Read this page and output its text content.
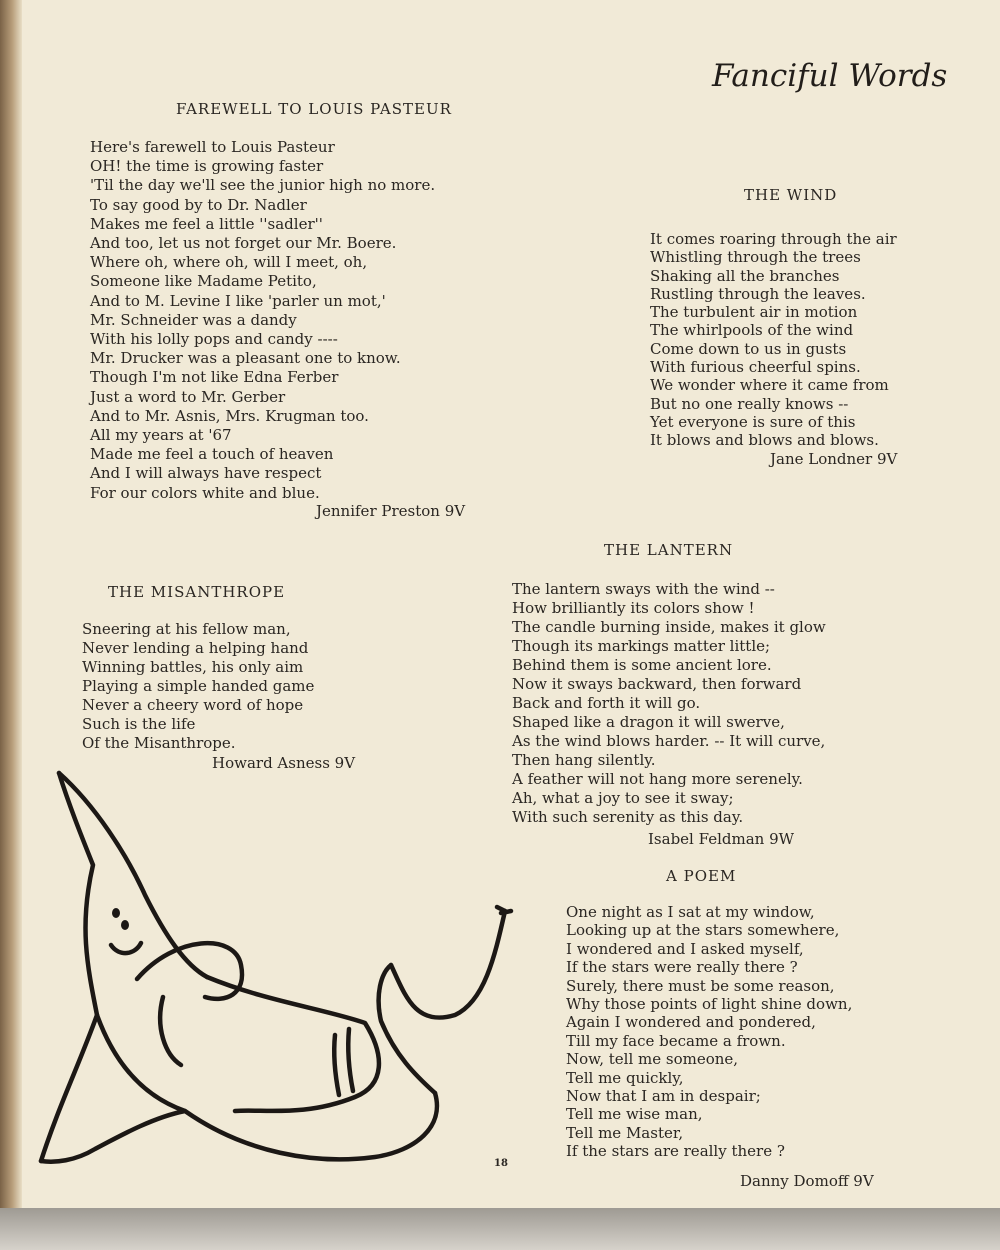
Fanciful Words
FAREWELL TO LOUIS PASTEUR
Here's farewell to Louis Pasteur
OH! the time is growing faster
'Til the day we'll see the junior high no more.
To say good by to Dr. Nadler
Makes me feel a little ''sadler''
And too, let us not forget our Mr. Boere.
Where oh, where oh, will I meet, oh,
Someone like Madame Petito,
And to M. Levine I like 'parler un mot,'
Mr. Schneider was a dandy
With his lolly pops and candy ----
Mr. Drucker was a pleasant one to know.
Though I'm not like Edna Ferber
Just a word to Mr. Gerber
And to Mr. Asnis, Mrs. Krugman too.
All my years at '67
Made me feel a touch of heaven
And I will always have respect
For our colors white and blue.

Jennifer Preston 9V

THE WIND
It comes roaring through the air
Whistling through the trees
Shaking all the branches
Rustling through the leaves.
The turbulent air in motion
The whirlpools of the wind
Come down to us in gusts
With furious cheerful spins.
We wonder where it came from
But no one really knows --
Yet everyone is sure of this
It blows and blows and blows.

Jane Londner 9V

THE LANTERN
The lantern sways with the wind --
How brilliantly its colors show !
The candle burning inside, makes it glow
Though its markings matter little;
Behind them is some ancient lore.
Now it sways backward, then forward
Back and forth it will go.
Shaped like a dragon it will swerve,
As the wind blows harder. -- It will curve,
Then hang silently.
A feather will not hang more serenely.
Ah, what a joy to see it sway;
With such serenity as this day.

Isabel Feldman 9W

THE MISANTHROPE
Sneering at his fellow man,
Never lending a helping hand
Winning battles, his only aim
Playing a simple handed game
Never a cheery word of hope
Such is the life
Of the Misanthrope.

Howard Asness 9V

A POEM
One night as I sat at my window,
Looking up at the stars somewhere,
I wondered and I asked myself,
If the stars were really there ?
Surely, there must be some reason,
Why those points of light shine down,
Again I wondered and pondered,
Till my face became a frown.
Now, tell me someone,
Tell me quickly,
Now that I am in despair;
Tell me wise man,
Tell me Master,
If the stars are really there ?

Danny Domoff 9V

18
